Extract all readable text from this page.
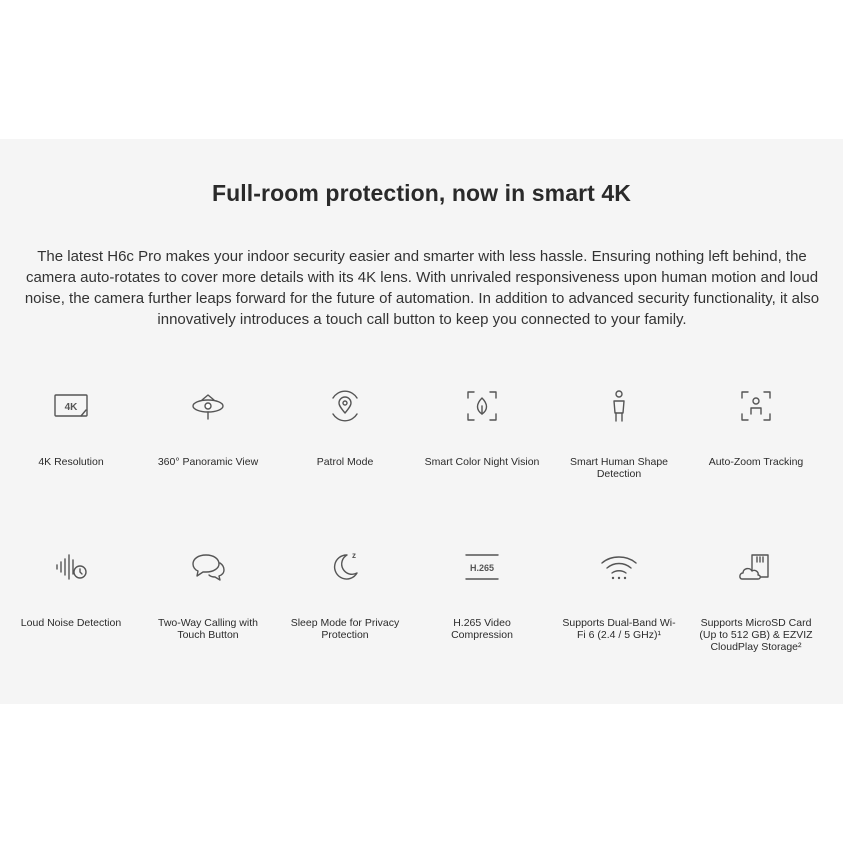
Full-room protection, now in smart 4K
The latest H6c Pro makes your indoor security easier and smarter with less hassle. Ensuring nothing left behind, the camera auto-rotates to cover more details with its 4K lens. With unrivaled responsiveness upon human motion and loud noise, the camera further leaps forward for the future of automation. In addition to advanced security functionality, it also innovatively introduces a touch call button to keep you connected to your family.
4K
4K Resolution	360° Panoramic View	Patrol Mode	Smart Color Night Vision	Smart Human Shape Detection
Auto-Zoom Tracking
Loud Noise Detection	Two-Way Calling with Touch Button
z
Sleep Mode for Privacy Protection
H.265
H.265 Video Compression
Supports Dual-Band Wi-Fi 6 (2.4 / 5 GHz)¹
Supports MicroSD Card (Up to 512 GB) & EZVIZ CloudPlay Storage²
